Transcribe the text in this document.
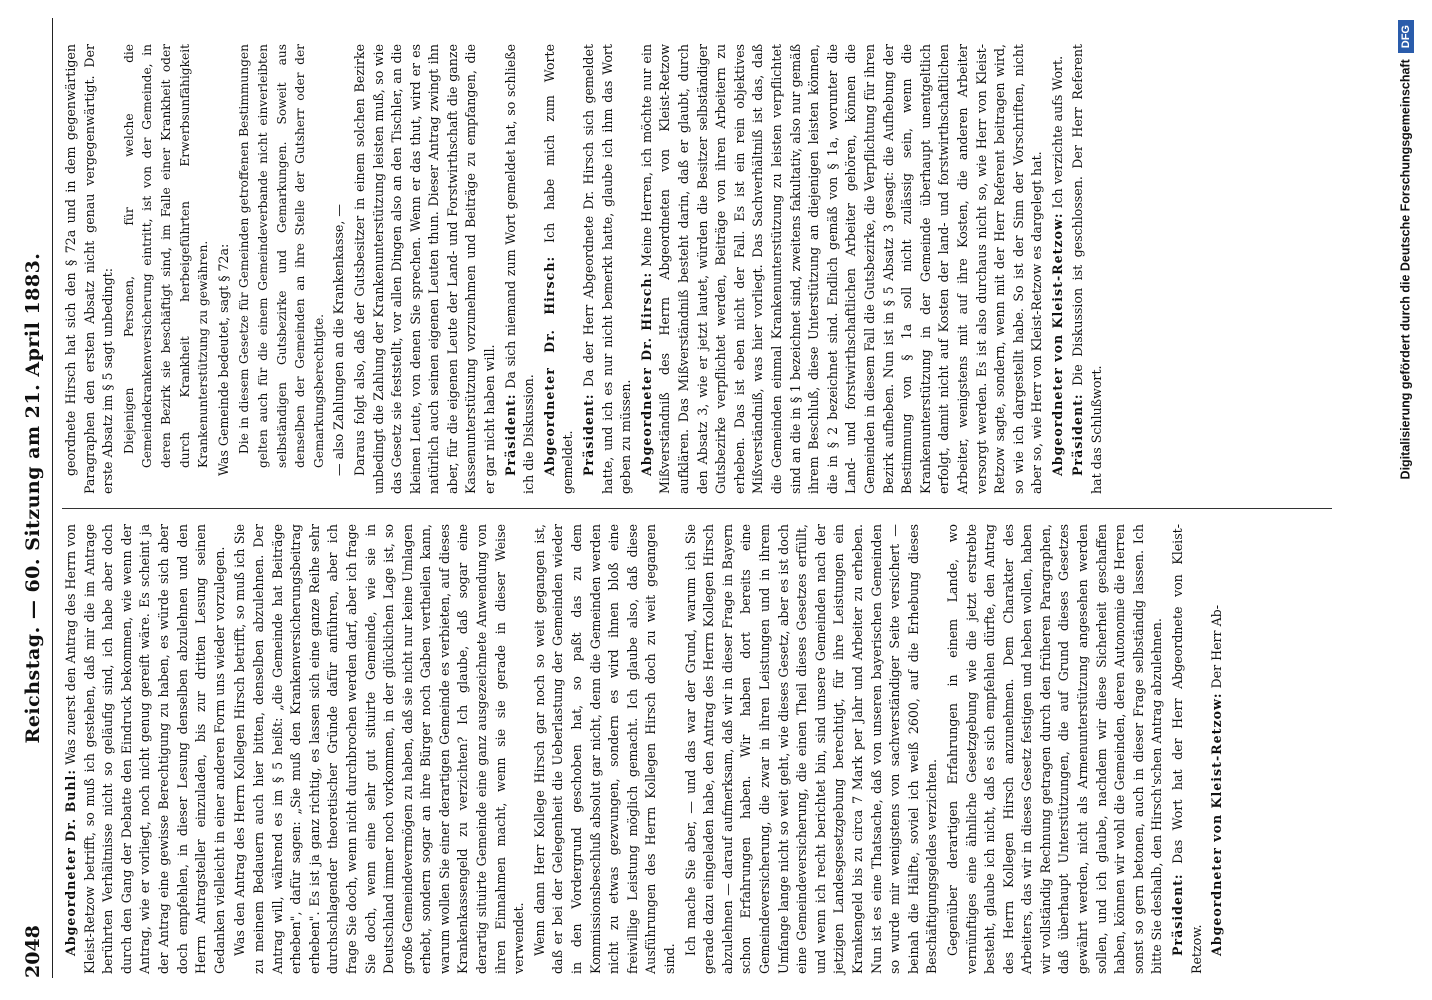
2048
Reichstag. — 60. Sitzung am 21. April 1883.

Abgeordneter Dr. Buhl: Was zuerst den Antrag des Herrn von Kleist-Retzow betrifft, so muß ich gestehen, daß mir die im Antrage berührten Verhältnisse nicht so geläufig sind, ich habe aber doch durch den Gang der Debatte den Eindruck bekommen, wie wenn der Antrag, wie er vorliegt, noch nicht genug gereift wäre. Es scheint ja der Antrag eine gewisse Berechtigung zu haben, es würde sich aber doch empfehlen, in dieser Lesung denselben abzulehnen und den Herrn Antragsteller einzuladen, bis zur dritten Lesung seinen Gedanken vielleicht in einer anderen Form uns wieder vorzulegen. Was den Antrag des Herrn Kollegen Hirsch betrifft, so muß ich Sie zu meinem Bedauern auch hier bitten, denselben abzulehnen. Der Antrag will, während es im § 5 heißt: „die Gemeinde hat Beiträge erheben", dafür sagen: „Sie muß den Krankenversicherungsbeitrag erheben". Es ist ja ganz richtig, es lassen sich eine ganze Reihe sehr durchschlagender theoretischer Gründe dafür anführen, aber ich frage Sie doch, wenn nicht durchbrochen werden darf, aber ich frage Sie doch, wenn eine sehr gut situirte Gemeinde, wie sie in Deutschland immer noch vorkommen, in der glücklichen Lage ist, so große Gemeindevermögen zu haben, daß sie nicht nur keine Umlagen erhebt, sondern sogar an ihre Bürger noch Gaben vertheilen kann, warum wollen Sie einer derartigen Gemeinde es verbieten, auf dieses Krankenkassengeld zu verzichten? Ich glaube, daß sogar eine derartig situirte Gemeinde eine ganz ausgezeichnete Anwendung von ihren Einnahmen macht, wenn sie sie gerade in dieser Weise verwendet. Wenn dann Herr Kollege Hirsch gar noch so weit gegangen ist, daß er bei der Gelegenheit die Ueberlastung der Gemeinden wieder in den Vordergrund geschoben hat, so paßt das zu dem Kommissionsbeschluß absolut gar nicht, denn die Gemeinden werden nicht zu etwas gezwungen, sondern es wird ihnen bloß eine freiwillige Leistung möglich gemacht. Ich glaube also, daß diese Ausführungen des Herrn Kollegen Hirsch doch zu weit gegangen sind.

Ich mache Sie aber, — und das war der Grund, warum ich Sie gerade dazu eingeladen habe, den Antrag des Herrn Kollegen Hirsch abzulehnen — darauf aufmerksam, daß wir in dieser Frage in Bayern schon Erfahrungen haben. Wir haben dort bereits eine Gemeindeversicherung, die zwar in ihren Leistungen und in ihrem Umfange lange nicht so weit geht, wie dieses Gesetz, aber es ist doch eine Gemeindeversicherung, die einen Theil dieses Gesetzes erfüllt, und wenn ich recht berichtet bin, sind unsere Gemeinden nach der jetzigen Landesgesetzgebung berechtigt, für ihre Leistungen ein Krankengeld bis zu circa 7 Mark per Jahr und Arbeiter zu erheben. Nun ist es eine Thatsache, daß von unseren bayerischen Gemeinden so wurde mir wenigstens von sachverständiger Seite versichert — beinah die Hälfte, soviel ich weiß 2600, auf die Erhebung dieses Beschäftigungsgeldes verzichten. Gegenüber derartigen Erfahrungen in einem Lande, wo vernünftiges eine ähnliche Gesetzgebung wie die jetzt erstrebte besteht, glaube ich nicht, daß es sich empfehlen dürfte, den Antrag des Herrn Kollegen Hirsch anzunehmen. Dem Charakter des Arbeiters, das wir in dieses Gesetz festigen und heben wollen, haben wir vollständig Rechnung getragen durch den früheren Paragraphen, daß überhaupt Unterstützungen, die auf Grund dieses Gesetzes gewährt werden, nicht als Armenunterstützung angesehen werden sollen, und ich glaube, nachdem wir diese Sicherheit geschaffen haben, können wir wohl die Gemeinden, deren Autonomie die Herren sonst so gern betonen, auch in dieser Frage selbständig lassen. Ich bitte Sie deshalb, den Hirsch'schen Antrag abzulehnen. Präsident: Das Wort hat der Herr Abgeordnete von Kleist-Retzow. Abgeordneter von Kleist-Retzow: Der Herr Ab-

geordnete Hirsch hat sich den § 72a und in dem gegenwärtigen Paragraphen den ersten Absatz nicht genau vergegenwärtigt. Der erste Absatz im § 5 sagt unbedingt: Diejenigen Personen, für welche die Gemeindekrankenversicherung eintritt, ist von der Gemeinde, in deren Bezirk sie beschäftigt sind, im Falle einer Krankheit oder durch Krankheit herbeigeführten Erwerbsunfähigkeit Krankenunterstützung zu gewähren. Was Gemeinde bedeutet, sagt § 72a: Die in diesem Gesetze für Gemeinden getroffenen Bestimmungen gelten auch für die einem Gemeindeverbande nicht einverleibten selbständigen Gutsbezirke und Gemarkungen. Soweit aus denselben der Gemeinden an ihre Stelle der Gutsherr oder der Gemarkungsberechtigte. — also Zahlungen an die Krankenkasse, — Daraus folgt also, daß der Gutsbesitzer in einem solchen Bezirke unbedingt die Zahlung der Krankenunterstützung leisten muß, so wie das Gesetz sie feststellt, vor allen Dingen also an den Tischler, an die kleinen Leute, von denen Sie sprechen. Wenn er das thut, wird er es natürlich auch seinen eigenen Leuten thun. Dieser Antrag zwingt ihn aber, für die eigenen Leute der Land- und Forstwirthschaft die ganze Kassenunterstützung vorzunehmen und Beiträge zu empfangen, die er gar nicht haben will. Präsident: Da sich niemand zum Wort gemeldet hat, so schließe ich die Diskussion. Abgeordneter Dr. Hirsch: Ich habe mich zum Worte gemeldet. Präsident: Da der Herr Abgeordnete Dr. Hirsch sich gemeldet hatte, und ich es nur nicht bemerkt hatte, glaube ich ihm das Wort geben zu müssen. Abgeordneter Dr. Hirsch: Meine Herren, ich möchte nur ein Mißverständniß des Herrn Abgeordneten von Kleist-Retzow aufklären. Das Mißverständniß besteht darin, daß er glaubt, durch den Absatz 3, wie er jetzt lautet, würden die Besitzer selbständiger Gutsbezirke verpflichtet werden, Beiträge von ihren Arbeitern zu erheben. Das ist eben nicht der Fall. Es ist ein rein objektives Mißverständniß, was hier vorliegt. Das Sachverhältniß ist das, daß die Gemeinden einmal Krankenunterstützung zu leisten verpflichtet sind an die in § 1 bezeichnet sind, zweitens fakultativ, also nur gemäß ihrem Beschluß, diese Unterstützung an diejenigen leisten können, die in § 2 bezeichnet sind. Endlich gemäß von § 1a, worunter die Land- und forstwirthschaftlichen Arbeiter gehören, können die Gemeinden in diesem Fall die Gutsbezirke, die Verpflichtung für ihren Bezirk aufheben. Nun ist in § 5 Absatz 3 gesagt: die Aufhebung der Bestimmung von § 1a soll nicht zulässig sein, wenn die Krankenunterstützung in der Gemeinde überhaupt unentgeltlich erfolgt, damit nicht auf Kosten der land- und forstwirthschaftlichen Arbeiter, wenigstens mit auf ihre Kosten, die anderen Arbeiter versorgt werden. Es ist also durchaus nicht so, wie Herr von Kleist-Retzow sagte, sondern, wenn mit der Herr Referent beitragen wird, so wie ich dargestellt habe. So ist der Sinn der Vorschriften, nicht aber so, wie Herr von Kleist-Retzow es dargelegt hat. Abgeordneter von Kleist-Retzow: Ich verzichte aufs Wort.

Präsident: Die Diskussion ist geschlossen. Der Herr Referent hat das Schlußwort.	Digitalisierung gefördert durch die Deutsche ForschungsgemeinschaftDFG
